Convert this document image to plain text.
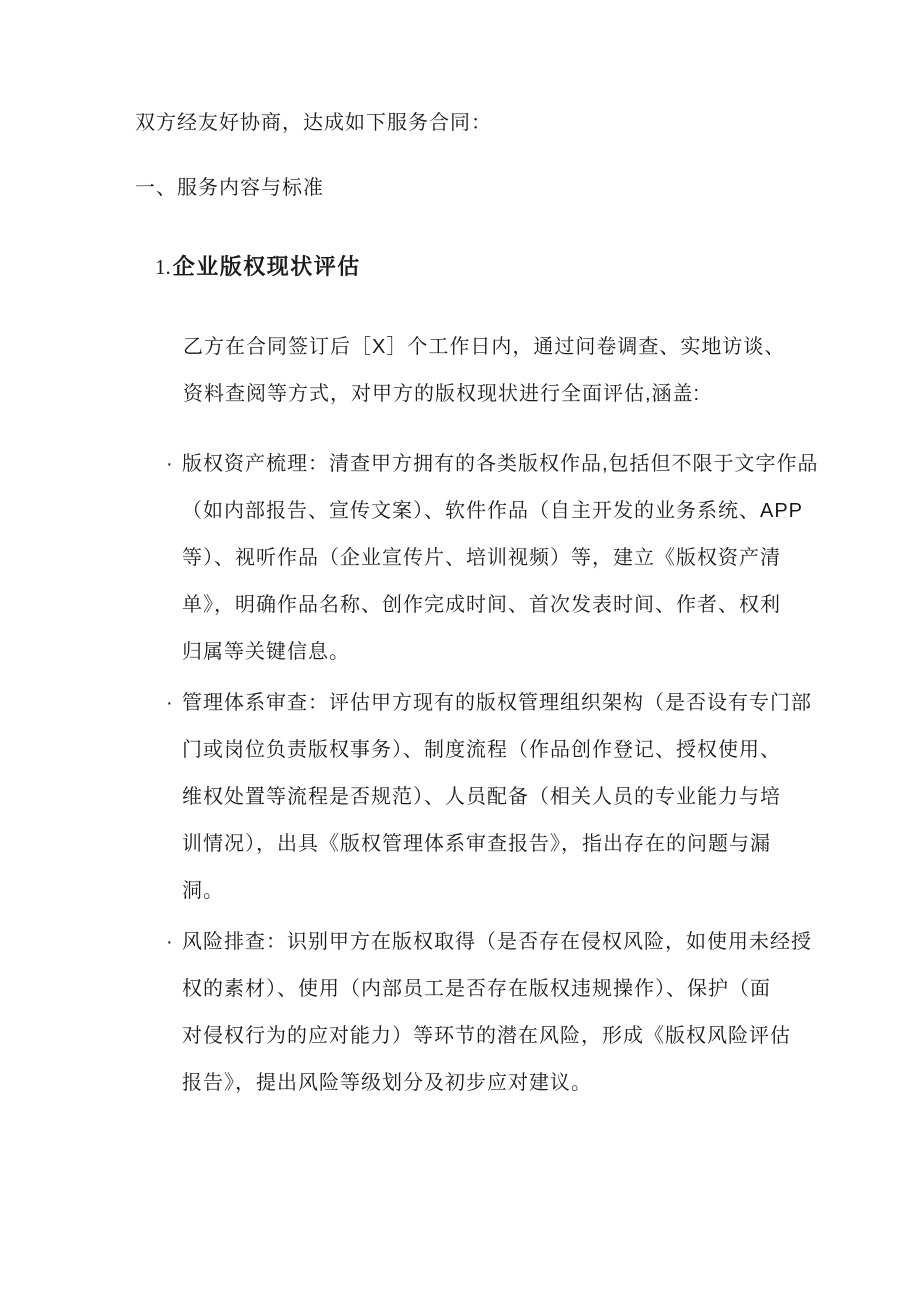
双方经友好协商，达成如下服务合同：
一、服务内容与标准
1.企业版权现状评估
乙方在合同签订后［X］个工作日内，通过问卷调查、实地访谈、
资料查阅等方式，对甲方的版权现状进行全面评估,涵盖:
· 版权资产梳理：清查甲方拥有的各类版权作品,包括但不限于文字作品
（如内部报告、宣传文案）、软件作品（自主开发的业务系统、APP
等）、视听作品（企业宣传片、培训视频）等，建立《版权资产清
单》，明确作品名称、创作完成时间、首次发表时间、作者、权利
归属等关键信息。
· 管理体系审查：评估甲方现有的版权管理组织架构（是否设有专门部
门或岗位负责版权事务）、制度流程（作品创作登记、授权使用、
维权处置等流程是否规范）、人员配备（相关人员的专业能力与培
训情况），出具《版权管理体系审查报告》，指出存在的问题与漏
洞。
· 风险排查：识别甲方在版权取得（是否存在侵权风险，如使用未经授
权的素材）、使用（内部员工是否存在版权违规操作）、保护（面
对侵权行为的应对能力）等环节的潜在风险，形成《版权风险评估
报告》，提出风险等级划分及初步应对建议。
